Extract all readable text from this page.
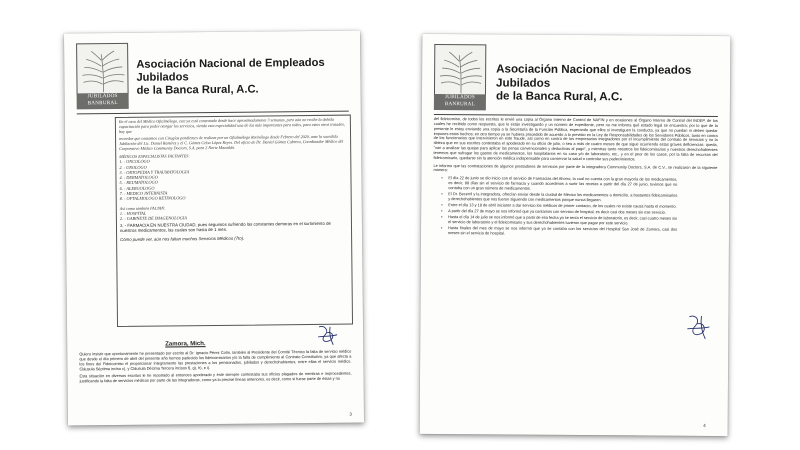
JUBILADOS BANRURAL
Asociación Nacional de Empleados Jubilados
de la Banca Rural, A.C.

En el caso del Médico Oftalmólogo, este ya está contratado desde hace aproximadamente 3 semanas, pero aún no recibe la debida capacitación para poder otorgar los servicios, siendo esta especialidad una de las más importantes para todos, para estos otros tratados, hoy que

recordar que contamos con Cirugías pendientes de realizar por un Oftalmólogo Retinólogo desde Febrero del 2020, ante la sucedida Jubilación del Lic. Daniel Ramírez y el C. Gómez Celso López Reyes. Del oficio de Dr. Daniel Gómez Cabrera, Coordinador Médico del Corporativo Médico Community Doctors, S.A. para 2 Norte Mazatlán.

MÉDICOS ESPECIALISTAS FALTANTES:

1. - ONCOLOGO
2. - UROLOGO
3. - ORTOPEDIA Y TRAUMATOLOGIA
4. - DERMATOLOGO
5. - REUMATOLOGO
6. - ALERGOLOGO
7. - MEDICO INTERNISTA
8. - OFTALMOLOGO RETINOLOGO

Así como también FALTAN:

1. - HOSPITAL
2. - GABINETE DE IMAGENOLOGIA

3. - FARMACIA EN NUESTRA CIUDAD, pues seguimos sufriendo las constantes demoras en el surtimiento de nuestros medicamentos, las cuales son hasta de 1 mes.

Cómo puede ver, aún nos faltan muchos Servicios Médicos (7to).

Zamora, Mich.

Quiero insistir que oportunamente he presentado por escrito al Dr. Ignacio Pérez Colín, también al Presidente del Comité Técnico la falta de servicio médico que desde el día primero de abril del presente año hemos padecido los fideicomisarios y/o la falta de cumplimiento al Contrato Constitutivo, ya que afecta a los fines del Fideicomiso el proporcionar íntegramente las prestaciones a los pensionados, jubilados y derechohabientes, entre ellas el servicio médico. Cláusula Séptima inciso c), y Cláusula Décima Tercera incisos f), g), h), e i).

Esta situación en diversos escritos le he reportado al entonces apoderado y éste siempre contestaba sus oficios plagados de mentiras e improcedentes, justificando la falta de servicios médicos por parte de las integradoras, como ya lo precisé líneas anteriores, es decir, como si fuese parte de éstas y no

3
JUBILADOS BANRURAL
Asociación Nacional de Empleados Jubilados
de la Banca Rural, A.C.

del fideicomiso, de todos los escritos le envié una copia al Órgano Interno de Control de NAFIN y en ocasiones al Órgano Interno de Control del INDEP, de los cuales he recibido como respuesta, que lo están investigando y un número de expediente, pero no me informa qué estado legal se encuentra; por lo que de la presente le estoy enviando una copia a la Secretaría de la Función Pública, esperando que ellos si investiguen la conducta, ya que no puedan ni deben quedar impunes estos hechos; en otro tiempo ya se hubiera procedido de acuerdo a lo previsto en la Ley de Responsabilidades de los Servidores Públicos, tanto en contra de los funcionarios que intervinieron en este fraude, así como en contra de los empresarios integradores por el incumplimiento del contrato de servicios y no la tibieza que en sus escritos contestaba el apoderado en su oficio de julio, o sea a más de cuatro meses de que sigue ocurriendo estas graves deficiencias: queda, "van a analizar las quejas para aplicar las penas convencionales y deductivas al pago", y mientras tanto nosotros los fideicomisarios y nuestros derechohabientes tenemos que sufragar los gastos de medicamentos, los hospitalarios en su caso y/o de laboratorio, etc., y en el peor de los casos, por la falta de recursos del fideicomisario, quedarse sin la atención médica indispensable para conservar la salud o controlar sus padecimientos.

Le informo que las contrataciones de algunos prestadores de servicios por parte de la integradora Community Doctors, S.A. de C.V., se realizaron de la siguiente manera:

• El día 22 de junio se dio inicio con el servicio de Farmacias del Ahorro, la cual no cuenta con la gran mayoría de los medicamentos, es decir, 88 días sin el servicio de farmacia y cuando accedimos a surtir las recetas a partir del día 27 de junio, tuvimos que no contaba con un gran número de medicamentos.
• El Dr. Becerril y la integradora, ofrecían enviar desde la ciudad de México los medicamentos a domicilio, a bastantes fideicomisarios y derechohabientes que nos fueron siguiendo con medicamentos porque nunca llegaron.
• Entre el día 13 y 18 de abril iniciaron a dar servicio los médicos de primer contacto, de los cuales no existe causa hasta el momento.
• A partir del día 27 de mayo se nos informó que ya contamos con servicio de hospital, es decir casi dos meses sin ese servicio.
• Hasta el día 14 de julio se nos informó que a partir de esa fecha ya se tenía el servicio de laboratorio, es decir, casi cuatro meses sin el servicio de laboratorio y el fideicomisario y sus derechohabientes tuvieron que pagar por este servicio.
• Hasta finales del mes de mayo se nos informó que ya se contaba con los servicios del Hospital San José de Zamora, casi dos meses sin el servicio de hospital.
4
